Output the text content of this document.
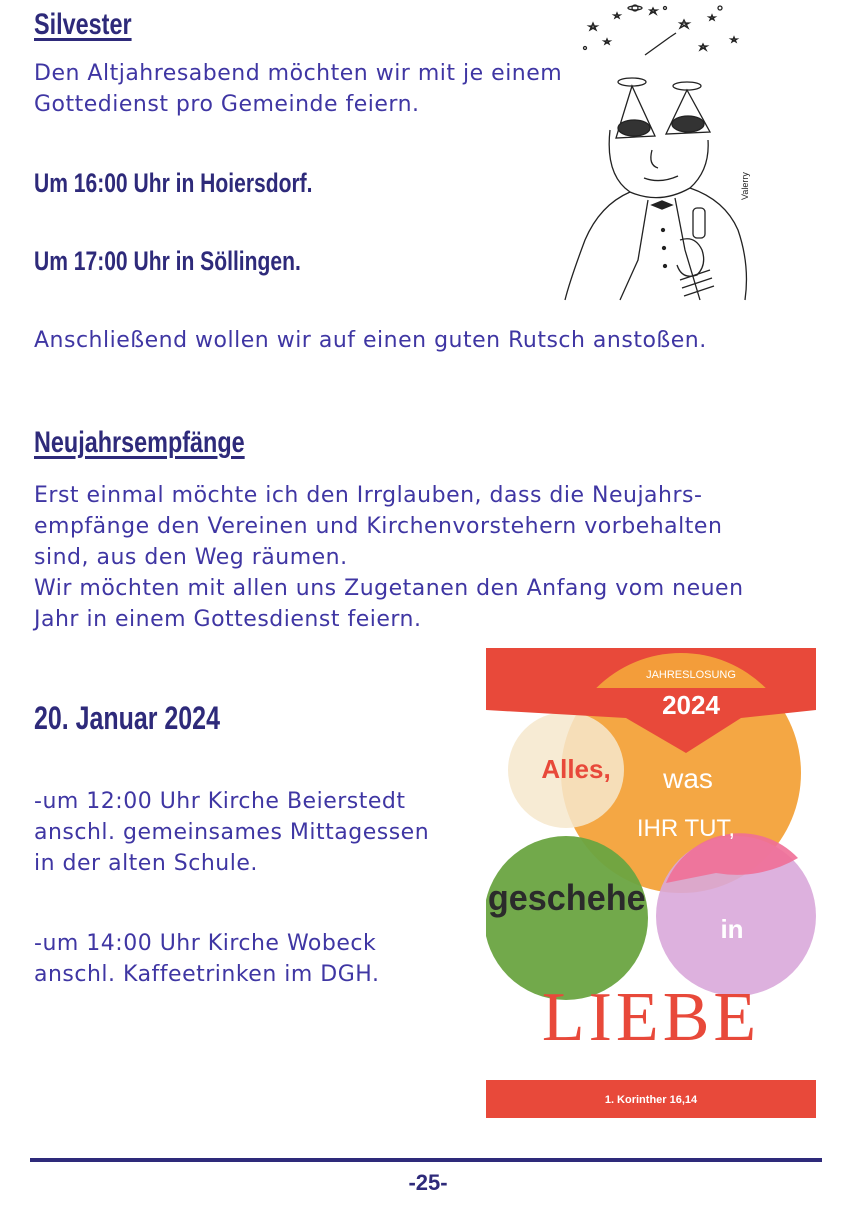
Silvester
Den Altjahresabend möchten wir mit je einem
Gottedienst pro Gemeinde feiern.
Um 16:00 Uhr in Hoiersdorf.
Um 17:00 Uhr in Söllingen.
Anschließend wollen wir auf einen guten Rutsch anstoßen.
Valerry
Neujahrsempfänge
Erst einmal möchte ich den Irrglauben, dass die Neujahrs-
empfänge den Vereinen und Kirchenvorstehern vorbehalten
sind, aus den Weg räumen.
Wir möchten mit allen uns Zugetanen den Anfang vom neuen
Jahr in einem Gottesdienst feiern.
20. Januar 2024
-um 12:00 Uhr Kirche Beierstedt
anschl. gemeinsames Mittagessen
in der alten Schule.
-um 14:00 Uhr Kirche Wobeck
anschl. Kaffeetrinken im DGH.
JAHRESLOSUNG
2024
Alles, was
IHR TUT,
geschehe
in
LIEBE
1. Korinther 16,14
-25-
